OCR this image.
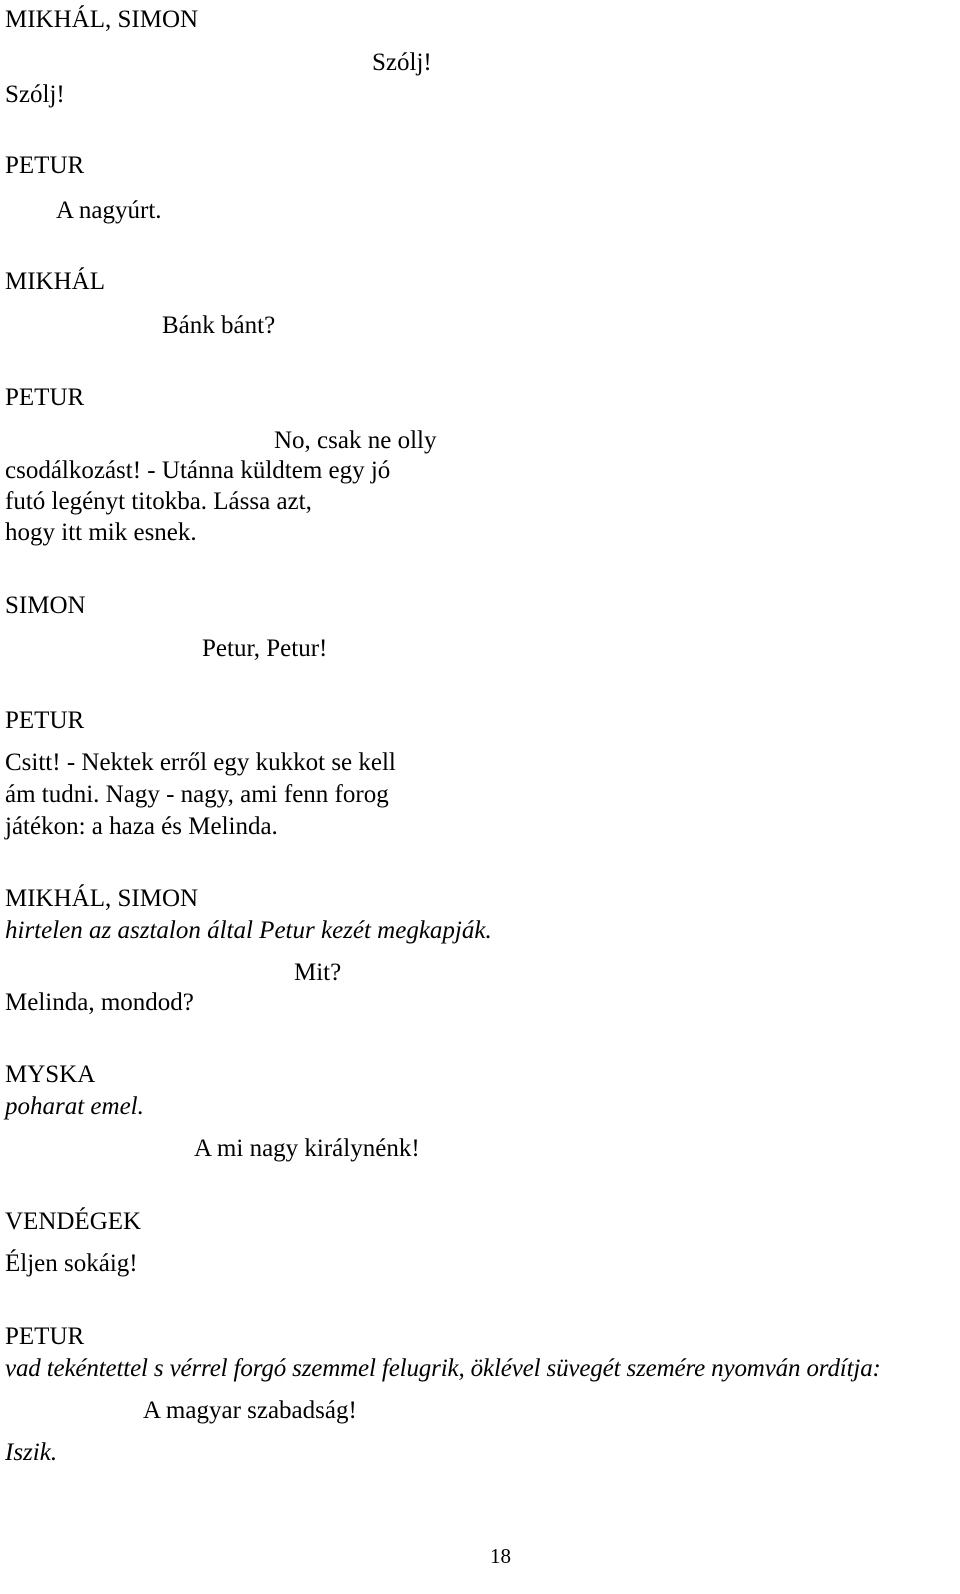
MIKHÁL, SIMON

Szólj!

Szólj!

PETUR

A nagyúrt.

MIKHÁL

Bánk bánt?

PETUR

No, csak ne olly

csodálkozást! - Utánna küldtem egy jó

futó legényt titokba. Lássa azt,

hogy itt mik esnek.

SIMON

Petur, Petur!

PETUR

Csitt! - Nektek erről egy kukkot se kell

ám tudni. Nagy - nagy, ami fenn forog

játékon: a haza és Melinda.

MIKHÁL, SIMON

hirtelen az asztalon által Petur kezét megkapják.

Mit?

Melinda, mondod?

MYSKA

poharat emel.

A mi nagy királynénk!

VENDÉGEK

Éljen sokáig!

PETUR

vad tekéntettel s vérrel forgó szemmel felugrik, öklével süvegét szemére nyomván ordítja:

A magyar szabadság!

Iszik.

18
